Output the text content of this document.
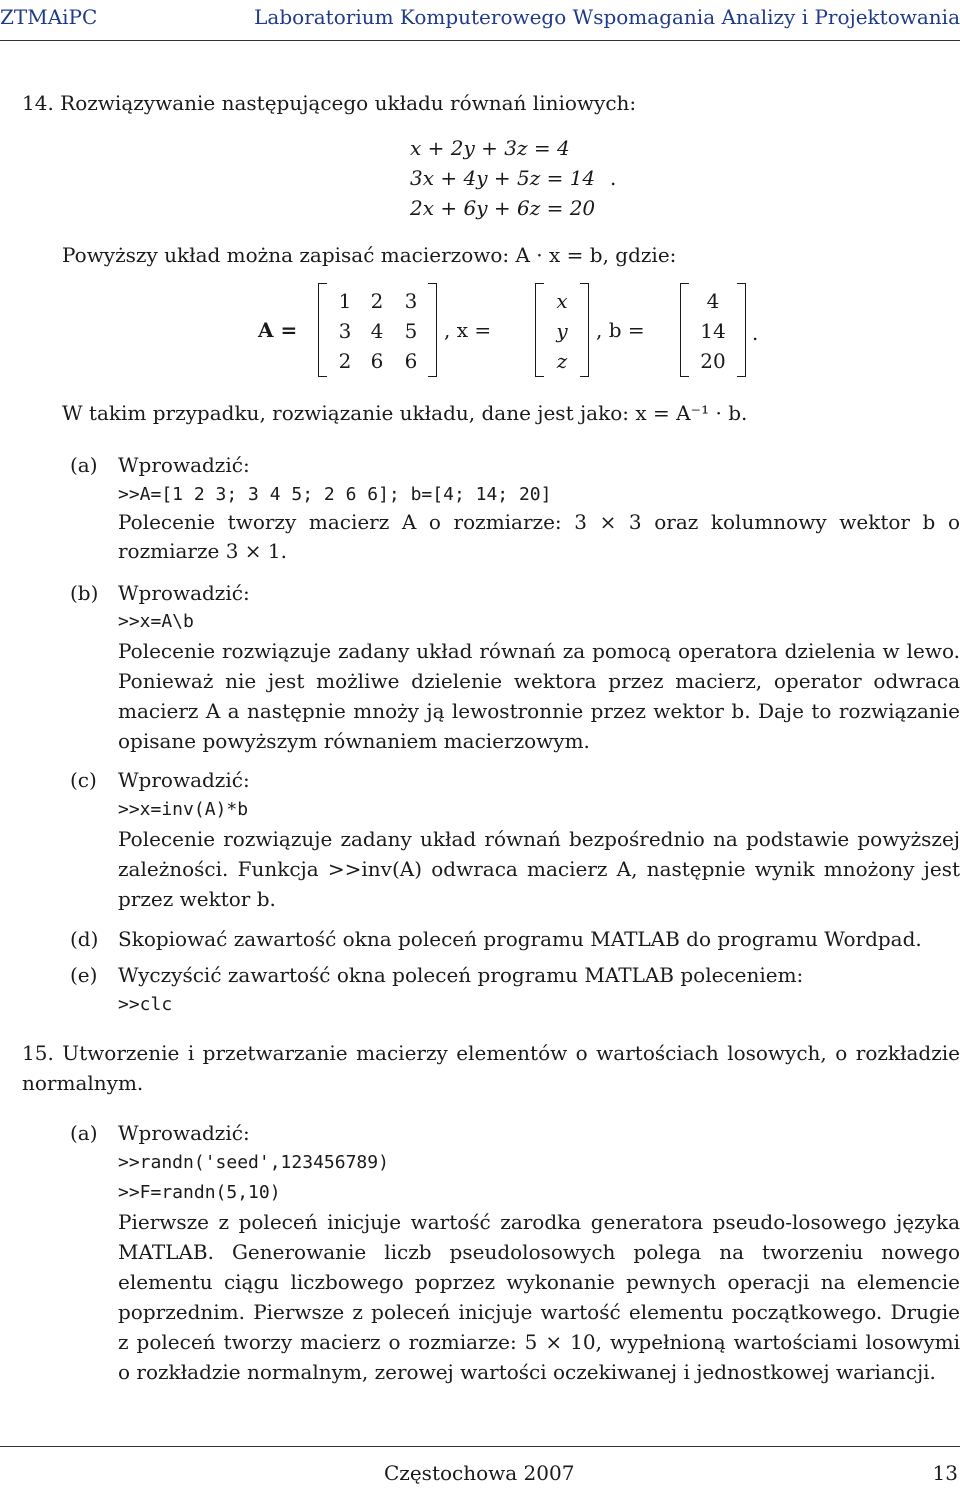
ZTMAiPC	Laboratorium Komputerowego Wspomagania Analizy i Projektowania
14. Rozwiązywanie następującego układu równań liniowych:
x + 2y + 3z = 4
3x + 4y + 5z = 14
2x + 6y + 6z = 20
.
Powyższy układ można zapisać macierzowo: A · x = b, gdzie:
A =
1 2	3
3 4	5
2 6	6
, x =
x
y
z
, b =
4
14
20
.
W takim przypadku, rozwiązanie układu, dane jest jako: x = A⁻¹ · b.
(a) Wprowadzić:
>>A=[1 2 3; 3 4 5; 2 6 6]; b=[4; 14; 20]
Polecenie tworzy macierz A o rozmiarze: 3 × 3 oraz kolumnowy wektor b o rozmiarze 3 × 1.
(b) Wprowadzić:
>>x=A\b
Polecenie rozwiązuje zadany układ równań za pomocą operatora dzielenia w lewo. Ponieważ nie jest możliwe dzielenie wektora przez macierz, operator odwraca macierz A a następnie mnoży ją lewostronnie przez wektor b. Daje to rozwiązanie opisane powyższym równaniem macierzowym.
(c) Wprowadzić:
>>x=inv(A)*b
Polecenie rozwiązuje zadany układ równań bezpośrednio na podstawie powyższej zależności. Funkcja >>inv(A) odwraca macierz A, następnie wynik mnożony jest przez wektor b.
(d) Skopiować zawartość okna poleceń programu MATLAB do programu Wordpad.
(e) Wyczyścić zawartość okna poleceń programu MATLAB poleceniem:
>>clc
15. Utworzenie i przetwarzanie macierzy elementów o wartościach losowych, o rozkładzie normalnym.
(a) Wprowadzić:
>>randn('seed',123456789)
>>F=randn(5,10)
Pierwsze z poleceń inicjuje wartość zarodka generatora pseudo-losowego języka MATLAB. Generowanie liczb pseudolosowych polega na tworzeniu nowego elementu ciągu liczbowego poprzez wykonanie pewnych operacji na elemencie poprzednim. Pierwsze z poleceń inicjuje wartość elementu początkowego. Drugie z poleceń tworzy macierz o rozmiarze: 5 × 10, wypełnioną wartościami losowymi o rozkładzie normalnym, zerowej wartości oczekiwanej i jednostkowej wariancji.
Częstochowa 2007	13
